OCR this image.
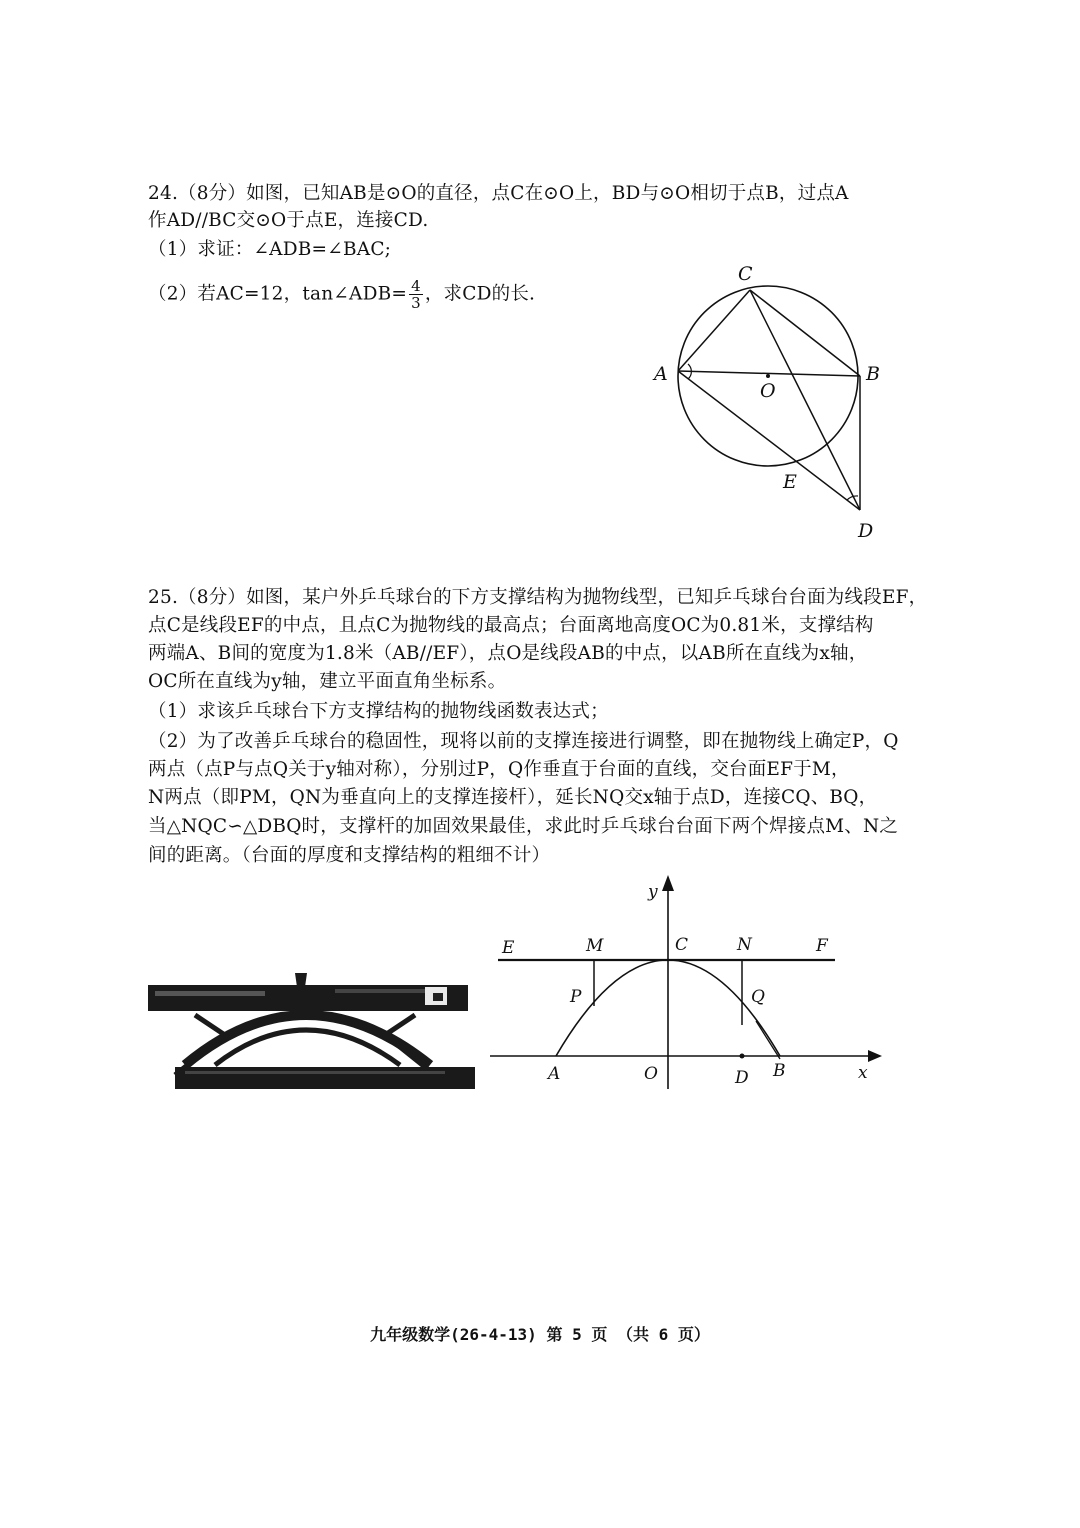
24.（8分）如图，已知AB是⊙O的直径，点C在⊙O上，BD与⊙O相切于点B，过点A
作AD//BC交⊙O于点E，连接CD.
（1）求证：∠ADB=∠BAC;
（2）若AC=12，tan∠ADB= $\frac{4}{3}$ ，求CD的长.
C
A	B
O
E
D
25.（8分）如图，某户外乒乓球台的下方支撑结构为抛物线型，已知乒乓球台台面为线段EF，
点C是线段EF的中点，且点C为抛物线的最高点；台面离地高度OC为0.81米，支撑结构
两端A、B间的宽度为1.8米（AB//EF），点O是线段AB的中点，以AB所在直线为x轴，
OC所在直线为y轴，建立平面直角坐标系。
（1）求该乒乓球台下方支撑结构的抛物线函数表达式；
（2）为了改善乒乓球台的稳固性，现将以前的支撑连接进行调整，即在抛物线上确定P，Q
两点（点P与点Q关于y轴对称），分别过P，Q作垂直于台面的直线，交台面EF于M，
N两点（即PM，QN为垂直向上的支撑连接杆），延长NQ交x轴于点D，连接CQ、BQ，
当△NQC∽△DBQ时，支撑杆的加固效果最佳，求此时乒乓球台台面下两个焊接点M、N之
间的距离。（台面的厚度和支撑结构的粗细不计）
y
E	M	C	N	F
P	Q
A	O	D B	x
九年级数学(26-4-13) 第 5 页 （共 6 页）
